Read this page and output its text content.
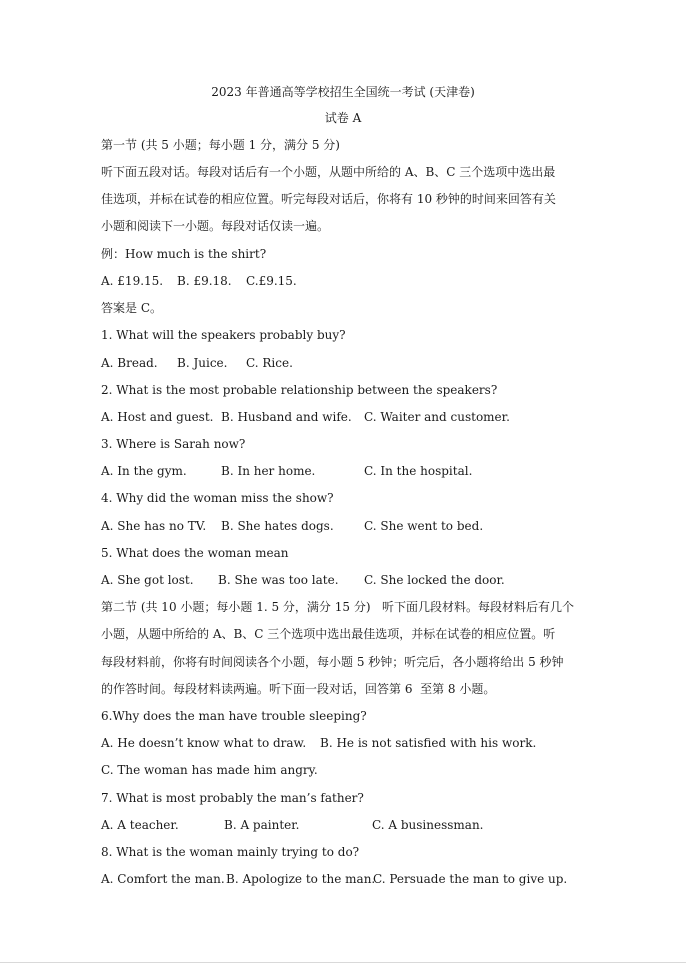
2023 年普通高等学校招生全国统一考试 (天津卷)
试卷 A
第一节 (共 5 小题；每小题 1 分，满分 5 分)
听下面五段对话。每段对话后有一个小题，从题中所给的 A、B、C 三个选项中选出最
佳选项，并标在试卷的相应位置。听完每段对话后，你将有 10 秒钟的时间来回答有关
小题和阅读下一小题。每段对话仅读一遍。
例：How much is the shirt?
A. £19.15. B. £9.18. C.£9.15.
答案是 C。
1. What will the speakers probably buy?
A. Bread. B. Juice. C. Rice.
2. What is the most probable relationship between the speakers?
A. Host and guest. B. Husband and wife. C. Waiter and customer.
3. Where is Sarah now?
A. In the gym.	B. In her home.	C. In the hospital.
4. Why did the woman miss the show?
A. She has no TV. B. She hates dogs.	C. She went to bed.
5. What does the woman mean
A. She got lost. B. She was too late. C. She locked the door.
第二节 (共 10 小题；每小题 1. 5 分，满分 15 分)   听下面几段材料。每段材料后有几个
小题，从题中所给的 A、B、C 三个选项中选出最佳选项，并标在试卷的相应位置。听
每段材料前，你将有时间阅读各个小题，每小题 5 秒钟；听完后，各小题将给出 5 秒钟
的作答时间。每段材料读两遍。听下面一段对话，回答第 6  至第 8 小题。
6.Why does the man have trouble sleeping?
A. He doesn’t know what to draw. B. He is not satisfied with his work.
C. The woman has made him angry.
7. What is most probably the man’s father?
A. A teacher.	B. A painter.	C. A businessman.
8. What is the woman mainly trying to do?
A. Comfort the man. B. Apologize to the man.
C. Persuade the man to give up.
